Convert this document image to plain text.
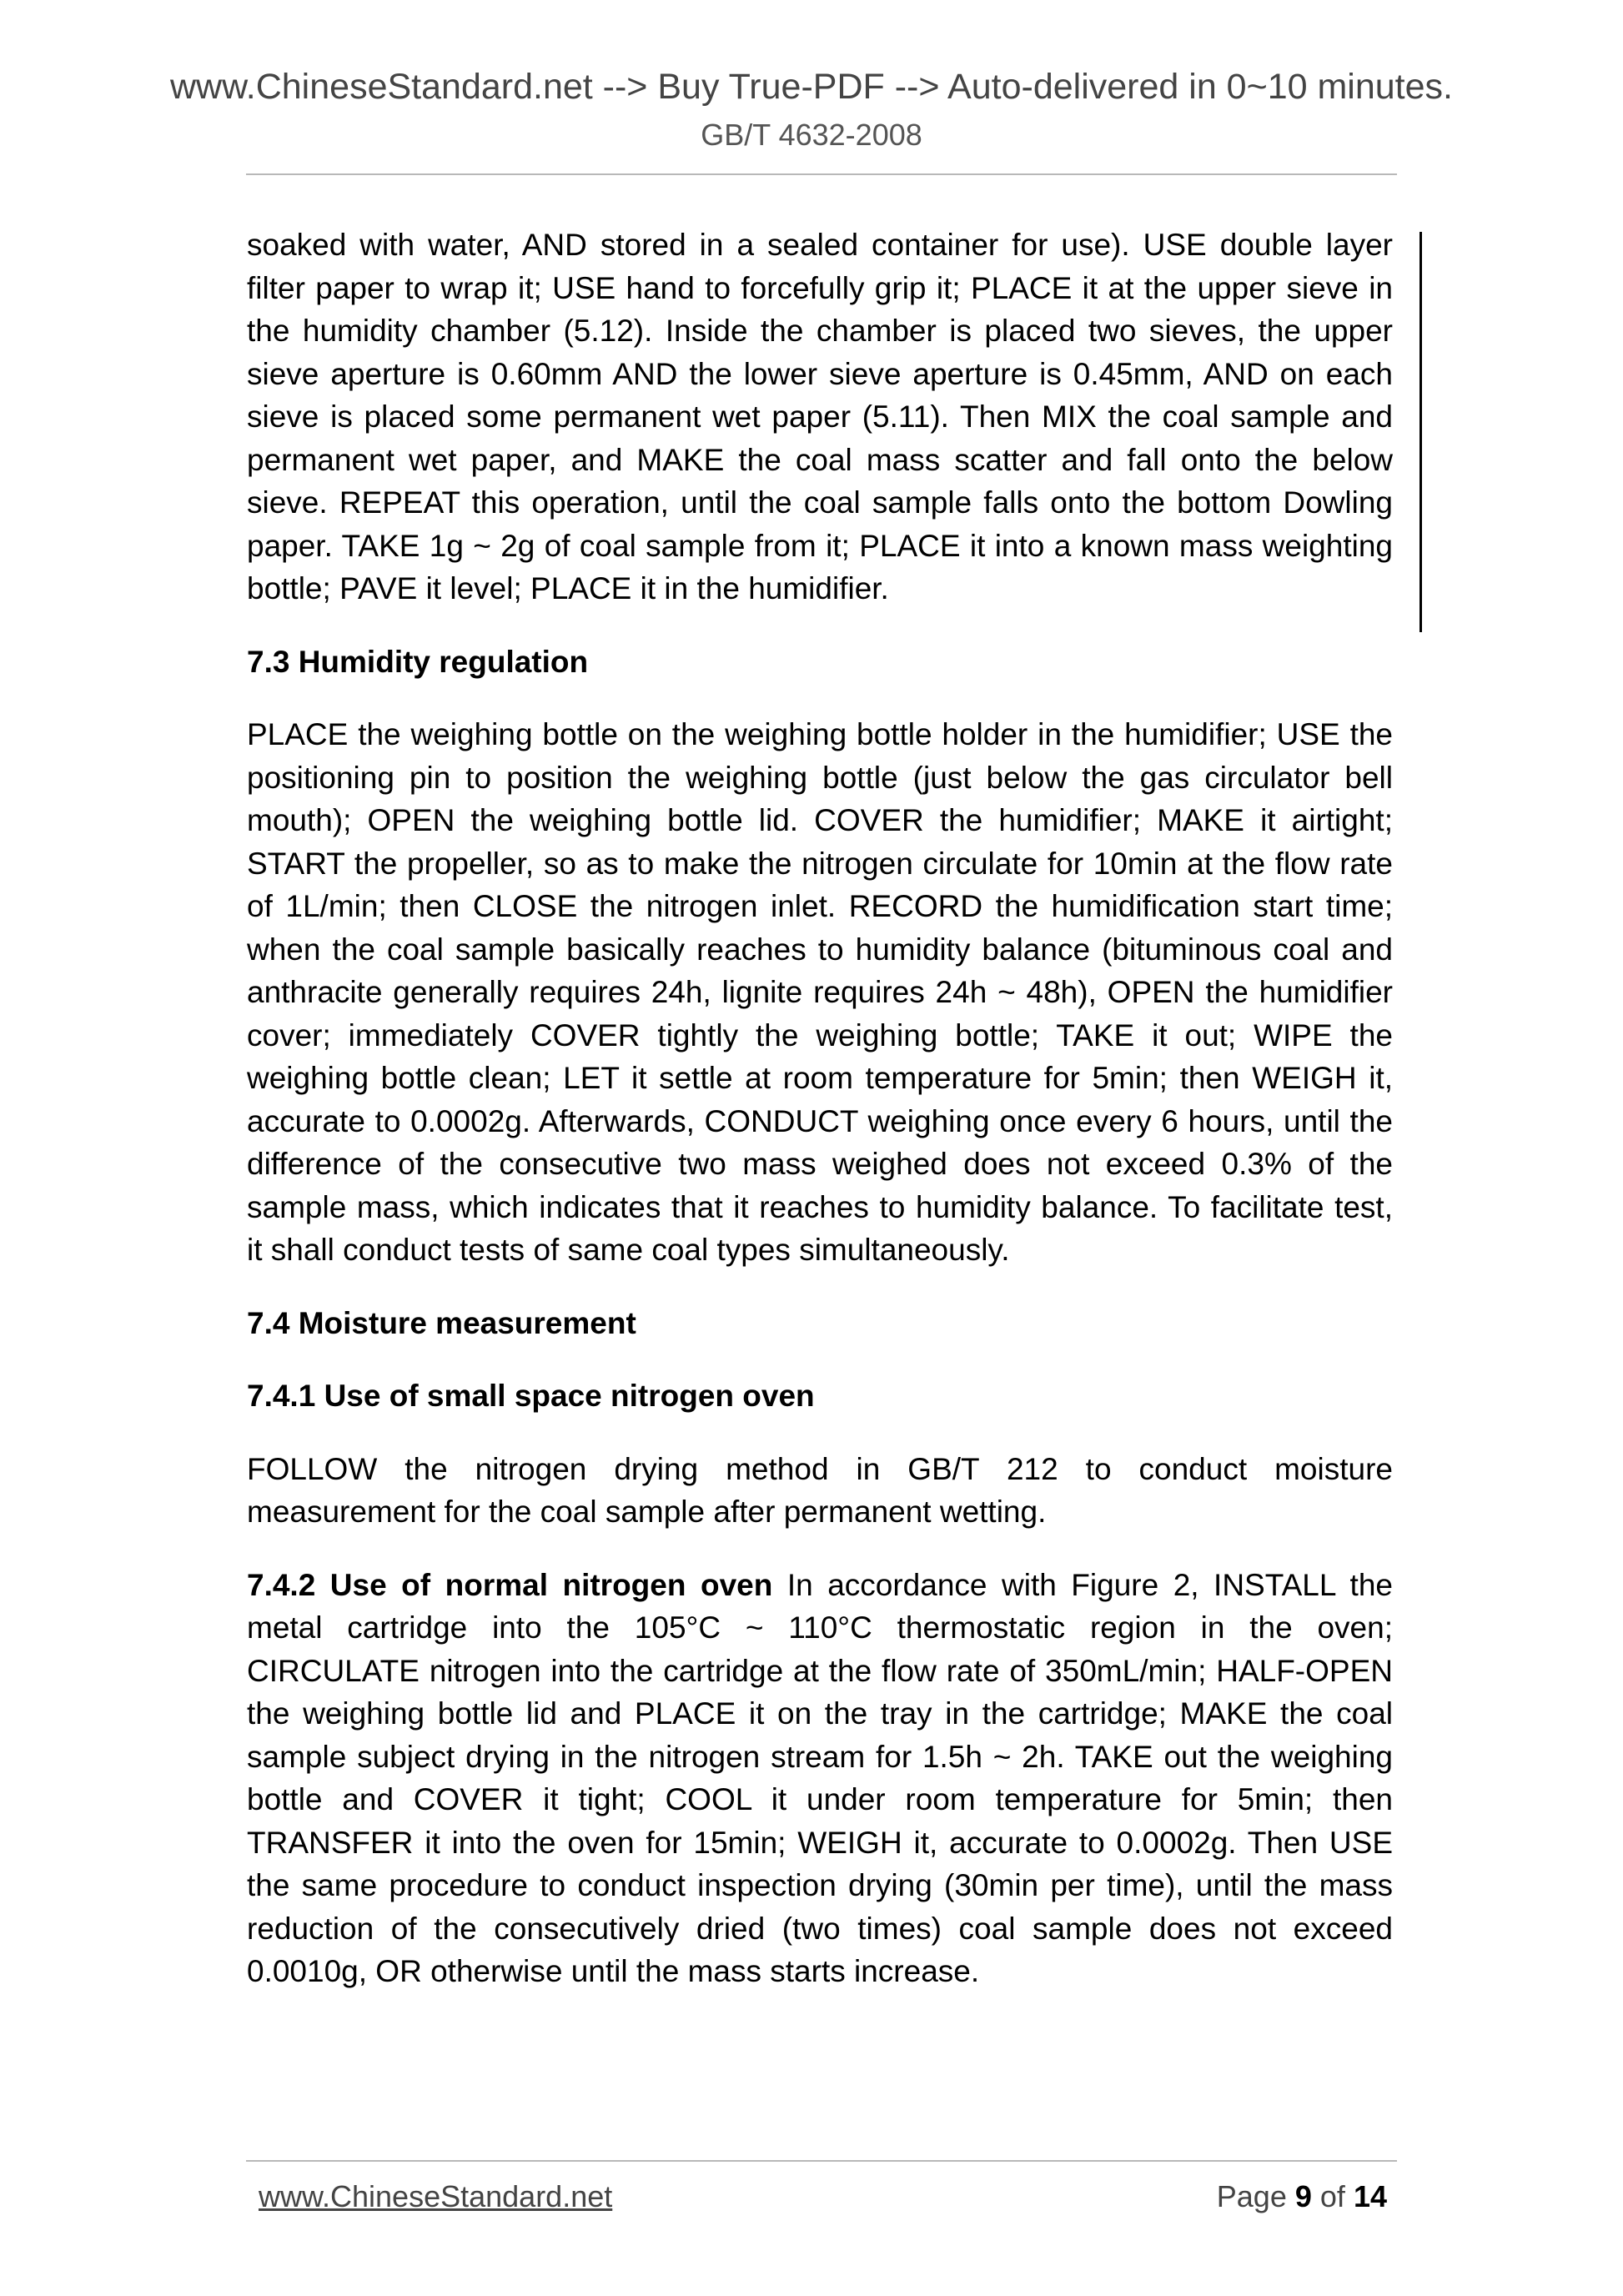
www.ChineseStandard.net --> Buy True-PDF --> Auto-delivered in 0~10 minutes.
GB/T 4632-2008

soaked with water, AND stored in a sealed container for use). USE double layer filter paper to wrap it; USE hand to forcefully grip it; PLACE it at the upper sieve in the humidity chamber (5.12). Inside the chamber is placed two sieves, the upper sieve aperture is 0.60mm AND the lower sieve aperture is 0.45mm, AND on each sieve is placed some permanent wet paper (5.11). Then MIX the coal sample and permanent wet paper, and MAKE the coal mass scatter and fall onto the below sieve. REPEAT this operation, until the coal sample falls onto the bottom Dowling paper. TAKE 1g ~ 2g of coal sample from it; PLACE it into a known mass weighting bottle; PAVE it level; PLACE it in the humidifier.

7.3 Humidity regulation

PLACE the weighing bottle on the weighing bottle holder in the humidifier; USE the positioning pin to position the weighing bottle (just below the gas circulator bell mouth); OPEN the weighing bottle lid. COVER the humidifier; MAKE it airtight; START the propeller, so as to make the nitrogen circulate for 10min at the flow rate of 1L/min; then CLOSE the nitrogen inlet. RECORD the humidification start time; when the coal sample basically reaches to humidity balance (bituminous coal and anthracite generally requires 24h, lignite requires 24h ~ 48h), OPEN the humidifier cover; immediately COVER tightly the weighing bottle; TAKE it out; WIPE the weighing bottle clean; LET it settle at room temperature for 5min; then WEIGH it, accurate to 0.0002g. Afterwards, CONDUCT weighing once every 6 hours, until the difference of the consecutive two mass weighed does not exceed 0.3% of the sample mass, which indicates that it reaches to humidity balance. To facilitate test, it shall conduct tests of same coal types simultaneously.

7.4 Moisture measurement
7.4.1 Use of small space nitrogen oven

FOLLOW the nitrogen drying method in GB/T 212 to conduct moisture measurement for the coal sample after permanent wetting.

7.4.2 Use of normal nitrogen oven In accordance with Figure 2, INSTALL the metal cartridge into the 105°C ~ 110°C thermostatic region in the oven; CIRCULATE nitrogen into the cartridge at the flow rate of 350mL/min; HALF-OPEN the weighing bottle lid and PLACE it on the tray in the cartridge; MAKE the coal sample subject drying in the nitrogen stream for 1.5h ~ 2h. TAKE out the weighing bottle and COVER it tight; COOL it under room temperature for 5min; then TRANSFER it into the oven for 15min; WEIGH it, accurate to 0.0002g. Then USE the same procedure to conduct inspection drying (30min per time), until the mass reduction of the consecutively dried (two times) coal sample does not exceed 0.0010g, OR otherwise until the mass starts increase.

www.ChineseStandard.net	Page 9 of 14
